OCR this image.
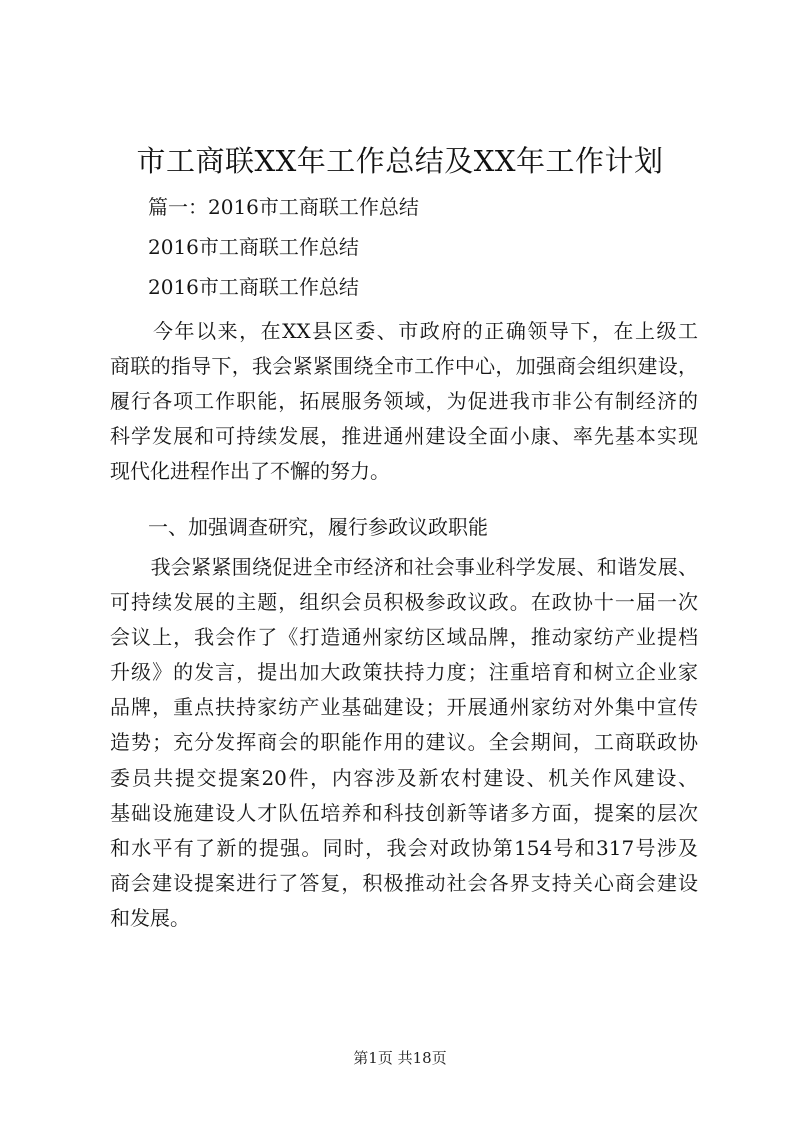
市工商联XX年工作总结及XX年工作计划
篇一：2016市工商联工作总结
2016市工商联工作总结
2016市工商联工作总结
　　今年以来，在XX县区委、市政府的正确领导下，在上级工
商联的指导下，我会紧紧围绕全市工作中心，加强商会组织建设，
履行各项工作职能，拓展服务领域，为促进我市非公有制经济的
科学发展和可持续发展，推进通州建设全面小康、率先基本实现
现代化进程作出了不懈的努力。
一、加强调查研究，履行参政议政职能
　　我会紧紧围绕促进全市经济和社会事业科学发展、和谐发展、
可持续发展的主题，组织会员积极参政议政。在政协十一届一次
会议上，我会作了《打造通州家纺区域品牌，推动家纺产业提档
升级》的发言，提出加大政策扶持力度；注重培育和树立企业家
品牌，重点扶持家纺产业基础建设；开展通州家纺对外集中宣传
造势；充分发挥商会的职能作用的建议。全会期间，工商联政协
委员共提交提案20件，内容涉及新农村建设、机关作风建设、
基础设施建设人才队伍培养和科技创新等诸多方面，提案的层次
和水平有了新的提强。同时，我会对政协第154号和317号涉及
商会建设提案进行了答复，积极推动社会各界支持关心商会建设
和发展。
第1页 共18页
